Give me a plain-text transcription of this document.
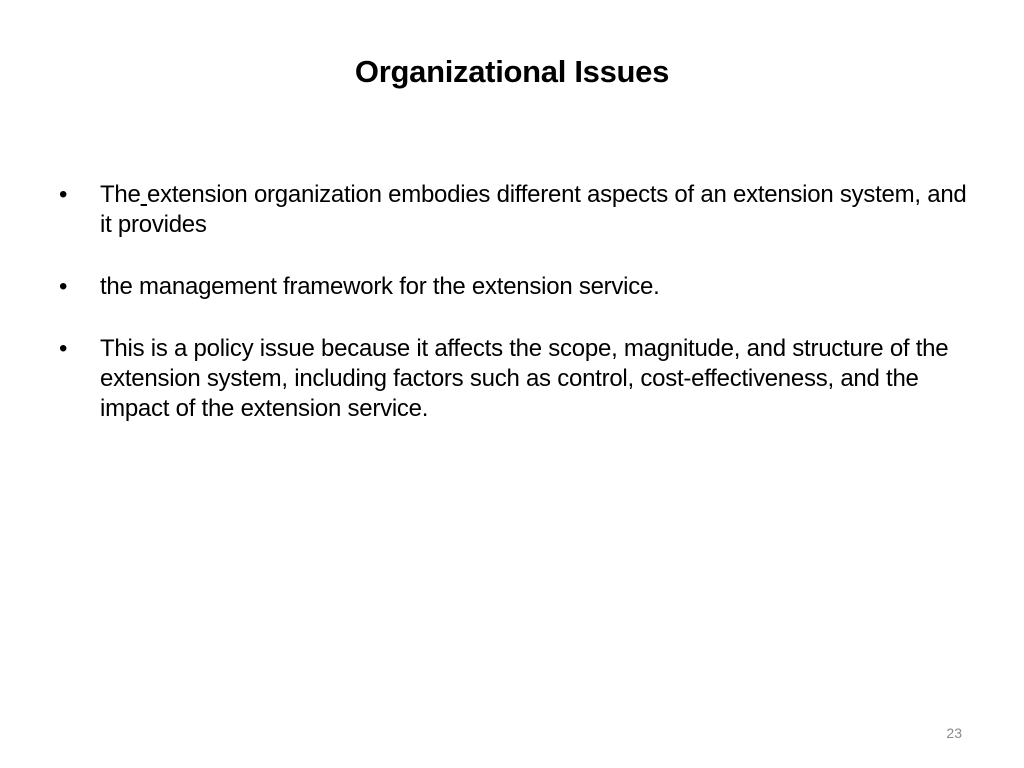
Organizational Issues
•	The extension organization embodies different aspects of an extension system, and it provides
•	the management framework for the extension service.
•	This is a policy issue because it affects the scope, magnitude, and structure of the extension system, including factors such as control, cost-effectiveness, and the impact of the extension service.
23
